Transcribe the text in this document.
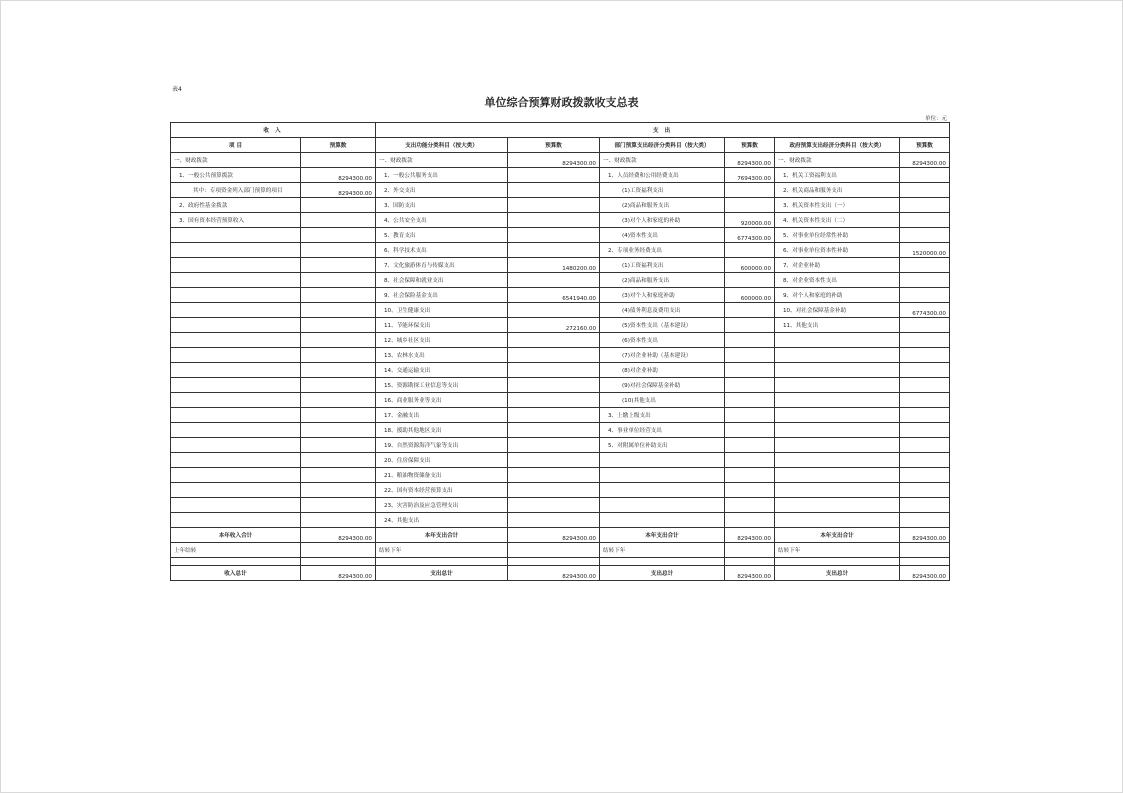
表4
单位综合预算财政拨款收支总表
单位：元
收 入		支 出					
项 目	预算数	支出功能分类科目（按大类）	预算数	部门预算支出经济分类科目（按大类）	预算数	政府预算支出经济分类科目（按大类）	预算数
一、财政拨款		一、财政拨款	8294300.00	一、财政拨款	8294300.00	一、财政拨款	8294300.00
1、一般公共预算拨款	8294300.00	1、一般公共服务支出		1、人员经费和公用经费支出	7694300.00	1、机关工资福利支出	
其中：专项资金列入部门预算的项目	8294300.00	2、外交支出		(1)工资福利支出		2、机关商品和服务支出	
2、政府性基金拨款		3、国防支出		(2)商品和服务支出		3、机关资本性支出（一）	
3、国有资本经营预算收入		4、公共安全支出		(3)对个人和家庭的补助	920000.00	4、机关资本性支出（二）	
		5、教育支出		(4)资本性支出	6774300.00	5、对事业单位经常性补助	
		6、科学技术支出		2、专项业务经费支出		6、对事业单位资本性补助	1520000.00
		7、文化旅游体育与传媒支出	1480200.00	(1)工资福利支出	600000.00	7、对企业补助	
		8、社会保障和就业支出		(2)商品和服务支出		8、对企业资本性支出	
		9、社会保险基金支出	6541940.00	(3)对个人和家庭补助	600000.00	9、对个人和家庭的补助	
		10、卫生健康支出		(4)债务利息及费用支出		10、对社会保障基金补助	6774300.00
		11、节能环保支出	272160.00	(5)资本性支出（基本建设）		11、其他支出	
		12、城乡社区支出		(6)资本性支出			
		13、农林水支出		(7)对企业补助（基本建设）			
		14、交通运输支出		(8)对企业补助			
		15、资源勘探工业信息等支出		(9)对社会保障基金补助			
		16、商业服务业等支出		(10)其他支出			
		17、金融支出		3、上缴上级支出			
		18、援助其他地区支出		4、事业单位经营支出			
		19、自然资源海洋气象等支出		5、对附属单位补助支出			
		20、住房保障支出					
		21、粮油物资储备支出					
		22、国有资本经营预算支出					
		23、灾害防治及应急管理支出					
		24、其他支出					
本年收入合计	8294300.00	本年支出合计	8294300.00	本年支出合计	8294300.00	本年支出合计	8294300.00
上年结转		结转下年		结转下年		结转下年	

收入总计	8294300.00	支出总计	8294300.00	支出总计	8294300.00	支出总计	8294300.00
